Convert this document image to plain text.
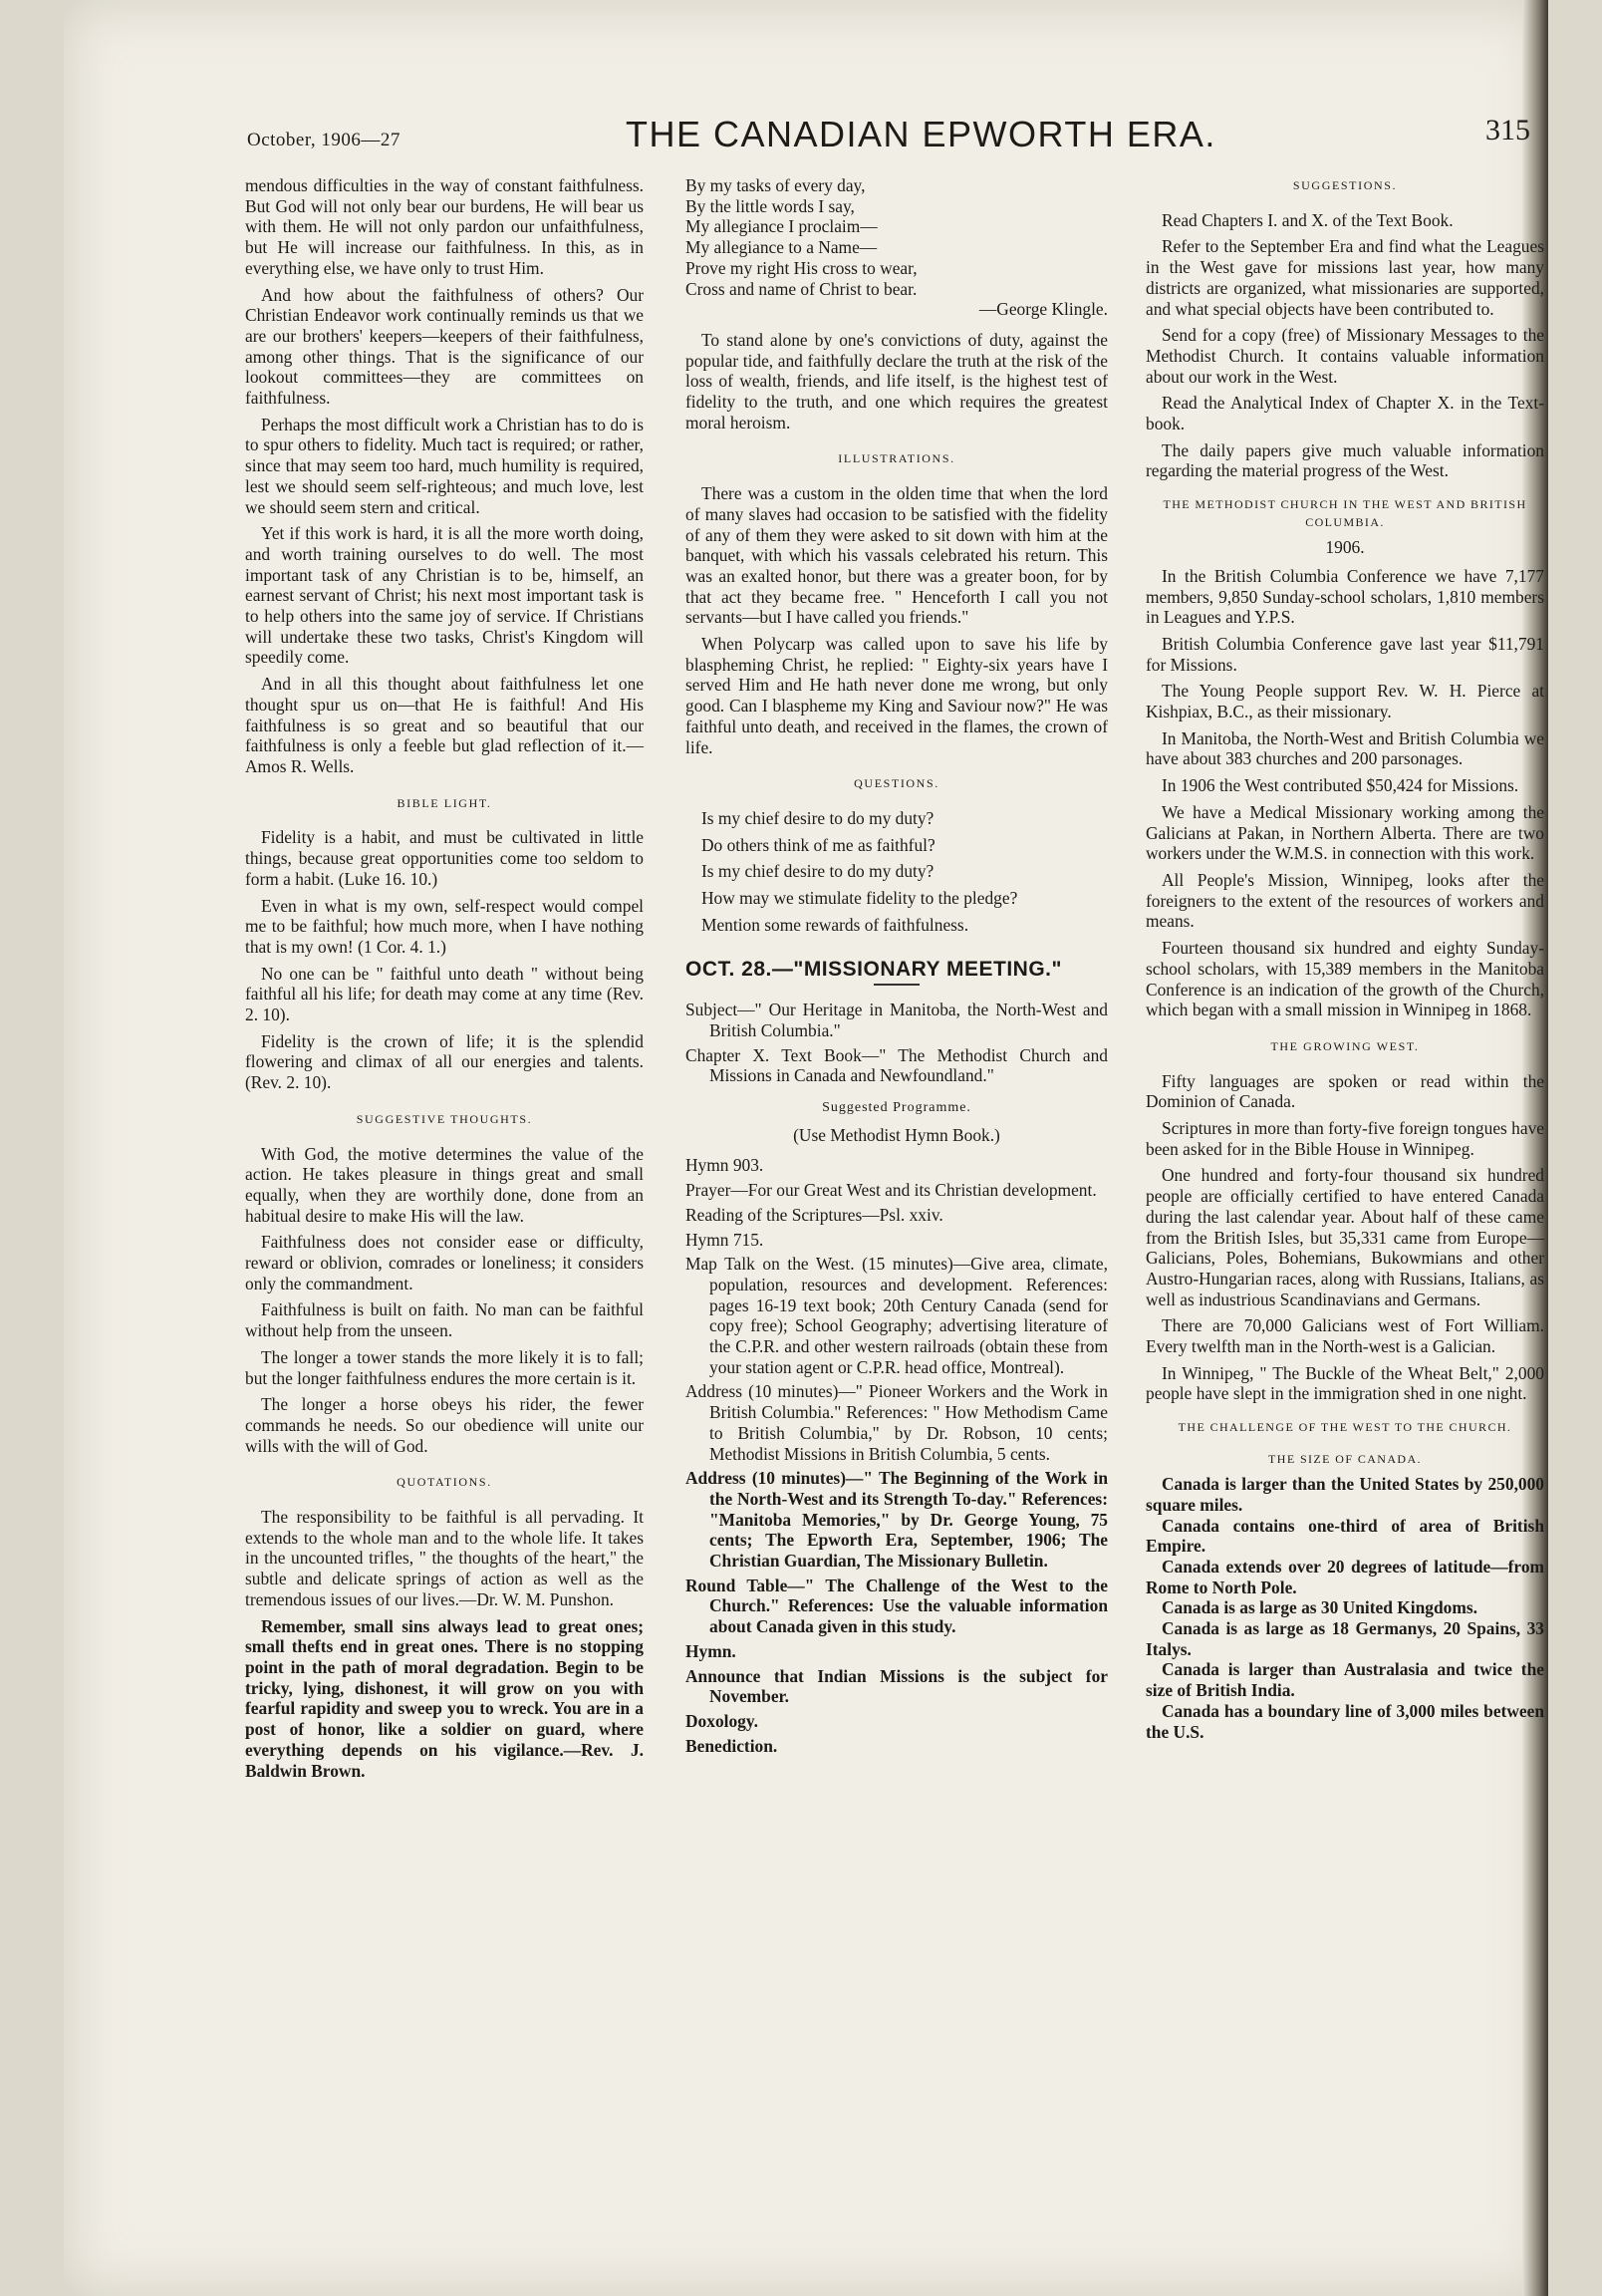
October, 1906—27	THE CANADIAN EPWORTH ERA.	315

mendous difficulties in the way of constant faithfulness. But God will not only bear our burdens, He will bear us with them. He will not only pardon our unfaithfulness, but He will increase our faithfulness. In this, as in everything else, we have only to trust Him.

And how about the faithfulness of others? Our Christian Endeavor work continually reminds us that we are our brothers' keepers—keepers of their faithfulness, among other things. That is the significance of our lookout committees—they are committees on faithfulness.

Perhaps the most difficult work a Christian has to do is to spur others to fidelity. Much tact is required; or rather, since that may seem too hard, much humility is required, lest we should seem self-righteous; and much love, lest we should seem stern and critical.

Yet if this work is hard, it is all the more worth doing, and worth training ourselves to do well. The most important task of any Christian is to be, himself, an earnest servant of Christ; his next most important task is to help others into the same joy of service. If Christians will undertake these two tasks, Christ's Kingdom will speedily come.

And in all this thought about faithfulness let one thought spur us on—that He is faithful! And His faithfulness is so great and so beautiful that our faithfulness is only a feeble but glad reflection of it.—Amos R. Wells.

BIBLE LIGHT.

Fidelity is a habit, and must be cultivated in little things, because great opportunities come too seldom to form a habit. (Luke 16. 10.)

Even in what is my own, self-respect would compel me to be faithful; how much more, when I have nothing that is my own! (1 Cor. 4. 1.)

No one can be " faithful unto death " without being faithful all his life; for death may come at any time (Rev. 2. 10).

Fidelity is the crown of life; it is the splendid flowering and climax of all our energies and talents. (Rev. 2. 10).

SUGGESTIVE THOUGHTS.

With God, the motive determines the value of the action. He takes pleasure in things great and small equally, when they are worthily done, done from an habitual desire to make His will the law.

Faithfulness does not consider ease or difficulty, reward or oblivion, comrades or loneliness; it considers only the commandment.

Faithfulness is built on faith. No man can be faithful without help from the unseen.

The longer a tower stands the more likely it is to fall; but the longer faithfulness endures the more certain is it.

The longer a horse obeys his rider, the fewer commands he needs. So our obedience will unite our wills with the will of God.

QUOTATIONS.

The responsibility to be faithful is all pervading. It extends to the whole man and to the whole life. It takes in the uncounted trifles, " the thoughts of the heart," the subtle and delicate springs of action as well as the tremendous issues of our lives.—Dr. W. M. Punshon.

Remember, small sins always lead to great ones; small thefts end in great ones. There is no stopping point in the path of moral degradation. Begin to be tricky, lying, dishonest, it will grow on you with fearful rapidity and sweep you to wreck. You are in a post of honor, like a soldier on guard, where everything depends on his vigilance.—Rev. J. Baldwin Brown.

By my tasks of every day,
By the little words I say,
My allegiance I proclaim—
My allegiance to a Name—
Prove my right His cross to wear,
Cross and name of Christ to bear.
—George Klingle.

To stand alone by one's convictions of duty, against the popular tide, and faithfully declare the truth at the risk of the loss of wealth, friends, and life itself, is the highest test of fidelity to the truth, and one which requires the greatest moral heroism.

ILLUSTRATIONS.

There was a custom in the olden time that when the lord of many slaves had occasion to be satisfied with the fidelity of any of them they were asked to sit down with him at the banquet, with which his vassals celebrated his return. This was an exalted honor, but there was a greater boon, for by that act they became free. " Henceforth I call you not servants—but I have called you friends."

When Polycarp was called upon to save his life by blaspheming Christ, he replied: " Eighty-six years have I served Him and He hath never done me wrong, but only good. Can I blaspheme my King and Saviour now?" He was faithful unto death, and received in the flames, the crown of life.

QUESTIONS.
Is my chief desire to do my duty?
Do others think of me as faithful?
Is my chief desire to do my duty?
How may we stimulate fidelity to the pledge?
Mention some rewards of faithfulness.
OCT. 28.—"MISSIONARY MEETING."
Subject—" Our Heritage in Manitoba, the North-West and British Columbia."
Chapter X. Text Book—" The Methodist Church and Missions in Canada and Newfoundland."
Suggested Programme.
(Use Methodist Hymn Book.)
Hymn 903.
Prayer—For our Great West and its Christian development.
Reading of the Scriptures—Psl. xxiv.
Hymn 715.
Map Talk on the West. (15 minutes)—Give area, climate, population, resources and development. References: pages 16-19 text book; 20th Century Canada (send for copy free); School Geography; advertising literature of the C.P.R. and other western railroads (obtain these from your station agent or C.P.R. head office, Montreal).
Address (10 minutes)—" Pioneer Workers and the Work in British Columbia." References: " How Methodism Came to British Columbia," by Dr. Robson, 10 cents; Methodist Missions in British Columbia, 5 cents.
Address (10 minutes)—" The Beginning of the Work in the North-West and its Strength To-day." References: "Manitoba Memories," by Dr. George Young, 75 cents; The Epworth Era, September, 1906; The Christian Guardian, The Missionary Bulletin.
Round Table—" The Challenge of the West to the Church." References: Use the valuable information about Canada given in this study.
Hymn.
Announce that Indian Missions is the subject for November.
Doxology.
Benediction.
SUGGESTIONS.

Read Chapters I. and X. of the Text Book.

Refer to the September Era and find what the Leagues in the West gave for missions last year, how many districts are organized, what missionaries are supported, and what special objects have been contributed to.

Send for a copy (free) of Missionary Messages to the Methodist Church. It contains valuable information about our work in the West.

Read the Analytical Index of Chapter X. in the Text-book.

The daily papers give much valuable information regarding the material progress of the West.

THE METHODIST CHURCH IN THE WEST AND BRITISH COLUMBIA.
1906.

In the British Columbia Conference we have 7,177 members, 9,850 Sunday-school scholars, 1,810 members in Leagues and Y.P.S.

British Columbia Conference gave last year $11,791 for Missions.

The Young People support Rev. W. H. Pierce at Kishpiax, B.C., as their missionary.

In Manitoba, the North-West and British Columbia we have about 383 churches and 200 parsonages.

In 1906 the West contributed $50,424 for Missions.

We have a Medical Missionary working among the Galicians at Pakan, in Northern Alberta. There are two workers under the W.M.S. in connection with this work.

All People's Mission, Winnipeg, looks after the foreigners to the extent of the resources of workers and means.

Fourteen thousand six hundred and eighty Sunday-school scholars, with 15,389 members in the Manitoba Conference is an indication of the growth of the Church, which began with a small mission in Winnipeg in 1868.

THE GROWING WEST.

Fifty languages are spoken or read within the Dominion of Canada.

Scriptures in more than forty-five foreign tongues have been asked for in the Bible House in Winnipeg.

One hundred and forty-four thousand six hundred people are officially certified to have entered Canada during the last calendar year. About half of these came from the British Isles, but 35,331 came from Europe—Galicians, Poles, Bohemians, Bukowmians and other Austro-Hungarian races, along with Russians, Italians, as well as industrious Scandinavians and Germans.

There are 70,000 Galicians west of Fort William. Every twelfth man in the North-west is a Galician.

In Winnipeg, " The Buckle of the Wheat Belt," 2,000 people have slept in the immigration shed in one night.

THE CHALLENGE OF THE WEST TO THE CHURCH.
THE SIZE OF CANADA.

Canada is larger than the United States by 250,000 square miles.

Canada contains one-third of area of British Empire.

Canada extends over 20 degrees of latitude—from Rome to North Pole.

Canada is as large as 30 United Kingdoms.

Canada is as large as 18 Germanys, 20 Spains, 33 Italys.

Canada is larger than Australasia and twice the size of British India.

Canada has a boundary line of 3,000 miles between the U.S.
